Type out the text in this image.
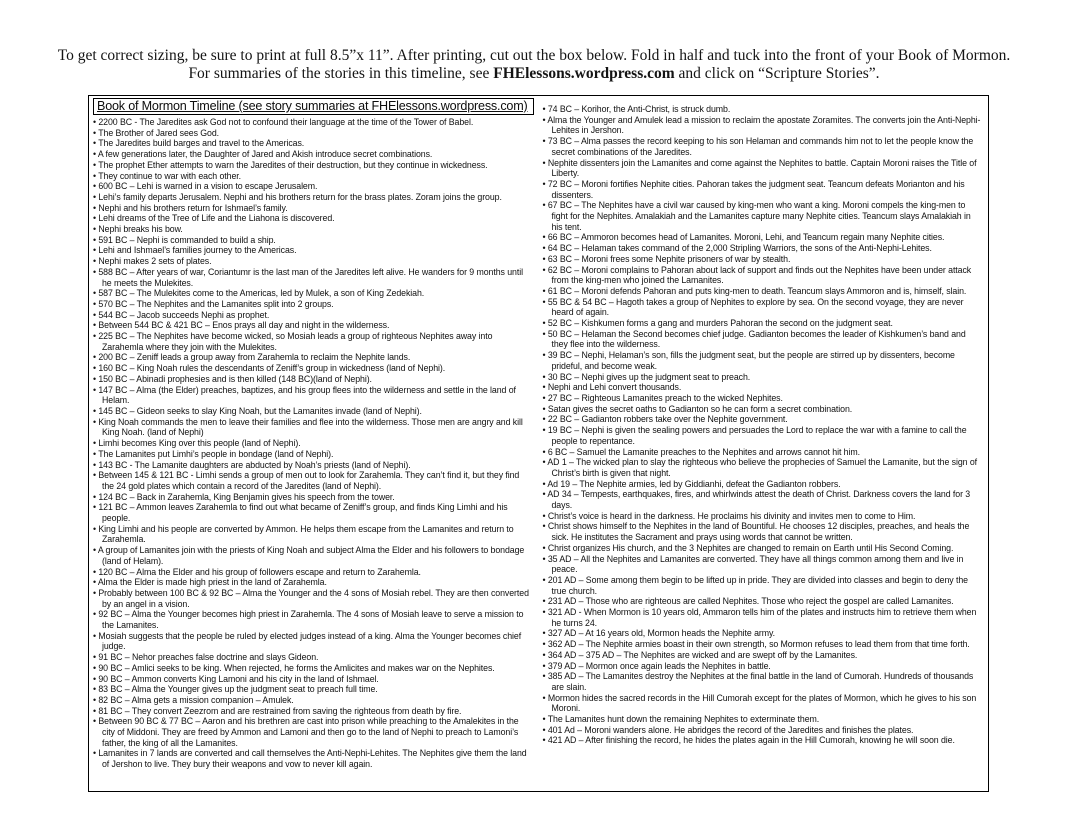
To get correct sizing, be sure to print at full 8.5”x 11”. After printing, cut out the box below. Fold in half and tuck into the front of your Book of Mormon.
For summaries of the stories in this timeline, see FHElessons.wordpress.com and click on “Scripture Stories”.
Book of Mormon Timeline (see story summaries at FHElessons.wordpress.com)
• 2200 BC - The Jaredites ask God not to confound their language at the time of the Tower of Babel.
• The Brother of Jared sees God.
• The Jaredites build barges and travel to the Americas.
• A few generations later, the Daughter of Jared and Akish introduce secret combinations.
• The prophet Ether attempts to warn the Jaredites of their destruction, but they continue in wickedness.
• They continue to war with each other.
• 600 BC – Lehi is warned in a vision to escape Jerusalem.
• Lehi’s family departs Jerusalem. Nephi and his brothers return for the brass plates. Zoram joins the group.
• Nephi and his brothers return for Ishmael’s family.
• Lehi dreams of the Tree of Life and the Liahona is discovered.
• Nephi breaks his bow.
• 591 BC – Nephi is commanded to build a ship.
• Lehi and Ishmael’s families journey to the Americas.
• Nephi makes 2 sets of plates.
• 588 BC – After years of war, Coriantumr is the last man of the Jaredites left alive. He wanders for 9 months until he meets the Mulekites.
• 587 BC – The Mulekites come to the Americas, led by Mulek, a son of King Zedekiah.
• 570 BC – The Nephites and the Lamanites split into 2 groups.
• 544 BC – Jacob succeeds Nephi as prophet.
• Between 544 BC & 421 BC – Enos prays all day and night in the wilderness.
• 225 BC – The Nephites have become wicked, so Mosiah leads a group of righteous Nephites away into Zarahemla where they join with the Mulekites.
• 200 BC – Zeniff leads a group away from Zarahemla to reclaim the Nephite lands.
• 160 BC – King Noah rules the descendants of Zeniff’s group in wickedness (land of Nephi).
• 150 BC – Abinadi prophesies and is then killed (148 BC)(land of Nephi).
• 147 BC – Alma (the Elder) preaches, baptizes, and his group flees into the wilderness and settle in the land of Helam.
• 145 BC – Gideon seeks to slay King Noah, but the Lamanites invade (land of Nephi).
• King Noah commands the men to leave their families and flee into the wilderness. Those men are angry and kill King Noah. (land of Nephi)
• Limhi becomes King over this people (land of Nephi).
• The Lamanites put Limhi’s people in bondage (land of Nephi).
• 143 BC - The Lamanite daughters are abducted by Noah’s priests (land of Nephi).
• Between 145 & 121 BC - Limhi sends a group of men out to look for Zarahemla. They can’t find it, but they find the 24 gold plates which contain a record of the Jaredites (land of Nephi).
• 124 BC – Back in Zarahemla, King Benjamin gives his speech from the tower.
• 121 BC – Ammon leaves Zarahemla to find out what became of Zeniff’s group, and finds King Limhi and his people.
• King Limhi and his people are converted by Ammon. He helps them escape from the Lamanites and return to Zarahemla.
• A group of Lamanites join with the priests of King Noah and subject Alma the Elder and his followers to bondage (land of Helam).
• 120 BC – Alma the Elder and his group of followers escape and return to Zarahemla.
• Alma the Elder is made high priest in the land of Zarahemla.
• Probably between 100 BC & 92 BC – Alma the Younger and the 4 sons of Mosiah rebel. They are then converted by an angel in a vision.
• 92 BC – Alma the Younger becomes high priest in Zarahemla. The 4 sons of Mosiah leave to serve a mission to the Lamanites.
• Mosiah suggests that the people be ruled by elected judges instead of a king. Alma the Younger becomes chief judge.
• 91 BC – Nehor preaches false doctrine and slays Gideon.
• 90 BC – Amlici seeks to be king. When rejected, he forms the Amlicites and makes war on the Nephites.
• 90 BC – Ammon converts King Lamoni and his city in the land of Ishmael.
• 83 BC – Alma the Younger gives up the judgment seat to preach full time.
• 82 BC – Alma gets a mission companion – Amulek.
• 81 BC – They convert Zeezrom and are restrained from saving the righteous from death by fire.
• Between 90 BC & 77 BC – Aaron and his brethren are cast into prison while preaching to the Amalekites in the city of Middoni. They are freed by Ammon and Lamoni and then go to the land of Nephi to preach to Lamoni’s father, the king of all the Lamanites.
• Lamanites in 7 lands are converted and call themselves the Anti-Nephi-Lehites. The Nephites give them the land of Jershon to live. They bury their weapons and vow to never kill again.
• 74 BC – Korihor, the Anti-Christ, is struck dumb.
• Alma the Younger and Amulek lead a mission to reclaim the apostate Zoramites. The converts join the Anti-Nephi-Lehites in Jershon.
• 73 BC – Alma passes the record keeping to his son Helaman and commands him not to let the people know the secret combinations of the Jaredites.
• Nephite dissenters join the Lamanites and come against the Nephites to battle. Captain Moroni raises the Title of Liberty.
• 72 BC – Moroni fortifies Nephite cities. Pahoran takes the judgment seat. Teancum defeats Morianton and his dissenters.
• 67 BC – The Nephites have a civil war caused by king-men who want a king. Moroni compels the king-men to fight for the Nephites. Amalakiah and the Lamanites capture many Nephite cities. Teancum slays Amalakiah in his tent.
• 66 BC – Ammoron becomes head of Lamanites. Moroni, Lehi, and Teancum regain many Nephite cities.
• 64 BC – Helaman takes command of the 2,000 Stripling Warriors, the sons of the Anti-Nephi-Lehites.
• 63 BC – Moroni frees some Nephite prisoners of war by stealth.
• 62 BC – Moroni complains to Pahoran about lack of support and finds out the Nephites have been under attack from the king-men who joined the Lamanites.
• 61 BC – Moroni defends Pahoran and puts king-men to death. Teancum slays Ammoron and is, himself, slain.
• 55 BC & 54 BC – Hagoth takes a group of Nephites to explore by sea. On the second voyage, they are never heard of again.
• 52 BC – Kishkumen forms a gang and murders Pahoran the second on the judgment seat.
• 50 BC – Helaman the Second becomes chief judge. Gadianton becomes the leader of Kishkumen’s band and they flee into the wilderness.
• 39 BC – Nephi, Helaman’s son, fills the judgment seat, but the people are stirred up by dissenters, become prideful, and become weak.
• 30 BC – Nephi gives up the judgment seat to preach.
• Nephi and Lehi convert thousands.
• 27 BC – Righteous Lamanites preach to the wicked Nephites.
• Satan gives the secret oaths to Gadianton so he can form a secret combination.
• 22 BC – Gadianton robbers take over the Nephite government.
• 19 BC – Nephi is given the sealing powers and persuades the Lord to replace the war with a famine to call the people to repentance.
• 6 BC – Samuel the Lamanite preaches to the Nephites and arrows cannot hit him.
• AD 1 – The wicked plan to slay the righteous who believe the prophecies of Samuel the Lamanite, but the sign of Christ’s birth is given that night.
• Ad 19 – The Nephite armies, led by Giddianhi, defeat the Gadianton robbers.
• AD 34 – Tempests, earthquakes, fires, and whirlwinds attest the death of Christ. Darkness covers the land for 3 days.
• Christ’s voice is heard in the darkness. He proclaims his divinity and invites men to come to Him.
• Christ shows himself to the Nephites in the land of Bountiful. He chooses 12 disciples, preaches, and heals the sick. He institutes the Sacrament and prays using words that cannot be written.
• Christ organizes His church, and the 3 Nephites are changed to remain on Earth until His Second Coming.
• 35 AD – All the Nephites and Lamanites are converted. They have all things common among them and live in peace.
• 201 AD – Some among them begin to be lifted up in pride. They are divided into classes and begin to deny the true church.
• 231 AD – Those who are righteous are called Nephites. Those who reject the gospel are called Lamanites.
• 321 AD - When Mormon is 10 years old, Ammaron tells him of the plates and instructs him to retrieve them when he turns 24.
• 327 AD – At 16 years old, Mormon heads the Nephite army.
• 362 AD – The Nephite armies boast in their own strength, so Mormon refuses to lead them from that time forth.
• 364 AD – 375 AD – The Nephites are wicked and are swept off by the Lamanites.
• 379 AD – Mormon once again leads the Nephites in battle.
• 385 AD – The Lamanites destroy the Nephites at the final battle in the land of Cumorah. Hundreds of thousands are slain.
• Mormon hides the sacred records in the Hill Cumorah except for the plates of Mormon, which he gives to his son Moroni.
• The Lamanites hunt down the remaining Nephites to exterminate them.
• 401 Ad – Moroni wanders alone. He abridges the record of the Jaredites and finishes the plates.
• 421 AD – After finishing the record, he hides the plates again in the Hill Cumorah, knowing he will soon die.
